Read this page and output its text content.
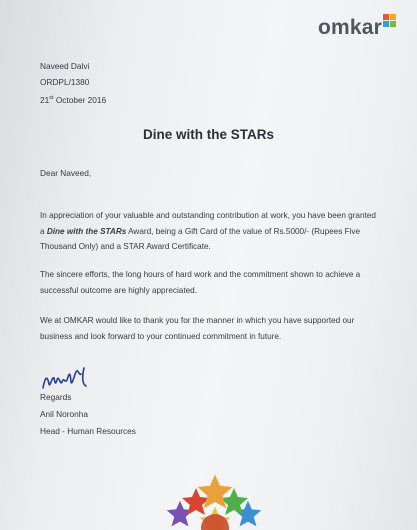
omkar
Naveed Dalvi
ORDPL/1380
21st October 2016
Dine with the STARs
Dear Naveed,
In appreciation of your valuable and outstanding contribution at work, you have been granted a Dine with the STARs Award, being a Gift Card of the value of Rs.5000/- (Rupees Five Thousand Only) and a STAR Award Certificate.
The sincere efforts, the long hours of hard work and the commitment shown to achieve a successful outcome are highly appreciated.
We at OMKAR would like to thank you for the manner in which you have supported our business and look forward to your continued commitment in future.
Regards
Anil Noronha
Head - Human Resources
